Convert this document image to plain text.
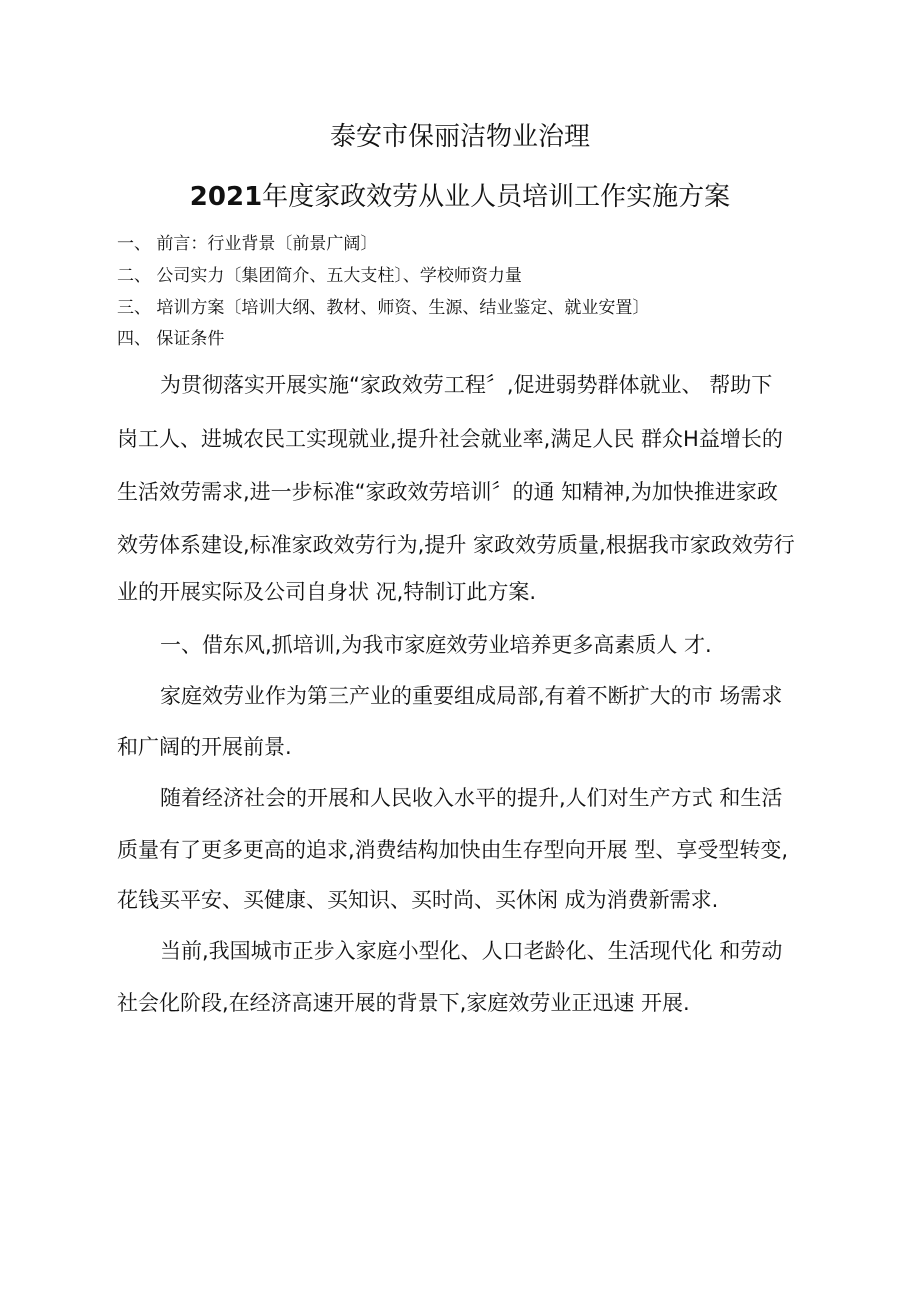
泰安市保丽洁物业治理
2021年度家政效劳从业人员培训工作实施方案
一、 前言：行业背景〔前景广阔〕
二、 公司实力〔集团简介、五大支柱〕、学校师资力量
三、 培训方案〔培训大纲、教材、师资、生源、结业鉴定、就业安置〕
四、 保证条件
为贯彻落实开展实施“家政效劳工程〞,促进弱势群体就业、 帮助下
岗工人、进城农民工实现就业,提升社会就业率,满足人民 群众H益增长的
生活效劳需求,进一步标准“家政效劳培训〞的通 知精神,为加快推进家政
效劳体系建设,标准家政效劳行为,提升 家政效劳质量,根据我市家政效劳行
业的开展实际及公司自身状 况,特制订此方案.
一、借东风,抓培训,为我市家庭效劳业培养更多高素质人 才.
家庭效劳业作为第三产业的重要组成局部,有着不断扩大的市 场需求
和广阔的开展前景.
随着经济社会的开展和人民收入水平的提升,人们对生产方式 和生活
质量有了更多更高的追求,消费结构加快由生存型向开展 型、享受型转变,
花钱买平安、买健康、买知识、买时尚、买休闲 成为消费新需求.
当前,我国城市正步入家庭小型化、人口老龄化、生活现代化 和劳动
社会化阶段,在经济高速开展的背景下,家庭效劳业正迅速 开展.
